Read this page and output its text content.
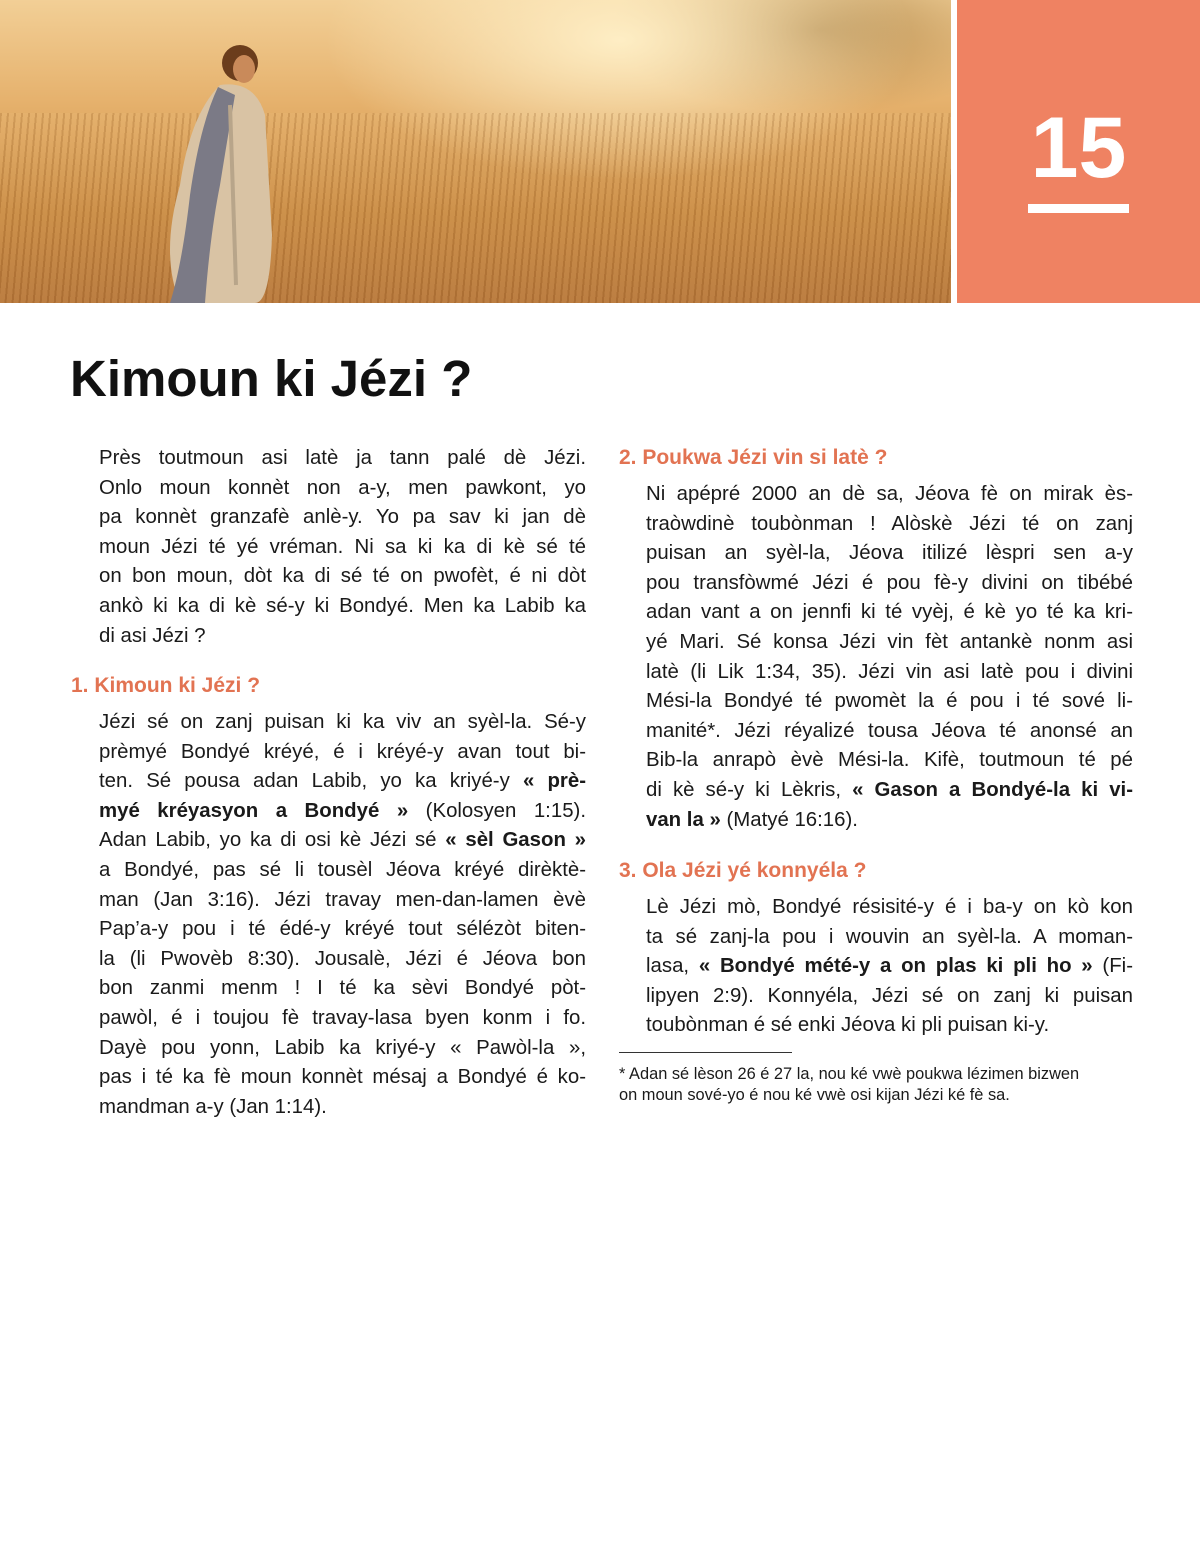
15
Kimoun ki Jézi ?
Près toutmoun asi latè ja tann palé dè Jézi.
Onlo moun konnèt non a-y, men pawkont, yo
pa konnèt granzafè anlè-y. Yo pa sav ki jan dè
moun Jézi té yé vréman. Ni sa ki ka di kè sé té
on bon moun, dòt ka di sé té on pwofèt, é ni dòt
ankò ki ka di kè sé-y ki Bondyé. Men ka Labib ka
di asi Jézi ?
1. Kimoun ki Jézi ?
Jézi sé on zanj puisan ki ka viv an syèl-la. Sé-y
prèmyé Bondyé kréyé, é i kréyé-y avan tout bi-
ten. Sé pousa adan Labib, yo ka kriyé-y « prè-
myé kréyasyon a Bondyé » (Kolosyen 1:15).
Adan Labib, yo ka di osi kè Jézi sé « sèl Gason »
a Bondyé, pas sé li tousèl Jéova kréyé dirèktè-
man (Jan 3:16). Jézi travay men-dan-lamen èvè
Pap’a-y pou i té édé-y kréyé tout sélézòt biten-
la (li Pwovèb 8:30). Jousalè, Jézi é Jéova bon
bon zanmi menm ! I té ka sèvi Bondyé pòt-
pawòl, é i toujou fè travay-lasa byen konm i fo.
Dayè pou yonn, Labib ka kriyé-y « Pawòl-la »,
pas i té ka fè moun konnèt mésaj a Bondyé é ko-
mandman a-y (Jan 1:14).
2. Poukwa Jézi vin si latè ?
Ni apépré 2000 an dè sa, Jéova fè on mirak ès-
traòwdinè toubònman ! Alòskè Jézi té on zanj
puisan an syèl-la, Jéova itilizé lèspri sen a-y
pou transfòwmé Jézi é pou fè-y divini on tibébé
adan vant a on jennfi ki té vyèj, é kè yo té ka kri-
yé Mari. Sé konsa Jézi vin fèt antankè nonm asi
latè (li Lik 1:34, 35). Jézi vin asi latè pou i divini
Mési-la Bondyé té pwomèt la é pou i té sové li-
manité*. Jézi réyalizé tousa Jéova té anonsé an
Bib-la anrapò èvè Mési-la. Kifè, toutmoun té pé
di kè sé-y ki Lèkris, « Gason a Bondyé-la ki vi-
van la » (Matyé 16:16).
3. Ola Jézi yé konnyéla ?
Lè Jézi mò, Bondyé résisité-y é i ba-y on kò kon
ta sé zanj-la pou i wouvin an syèl-la. A moman-
lasa, « Bondyé mété-y a on plas ki pli ho » (Fi-
lipyen 2:9). Konnyéla, Jézi sé on zanj ki puisan
toubònman é sé enki Jéova ki pli puisan ki-y.
* Adan sé lèson 26 é 27 la, nou ké vwè poukwa lézimen bizwen
on moun sové-yo é nou ké vwè osi kijan Jézi ké fè sa.
